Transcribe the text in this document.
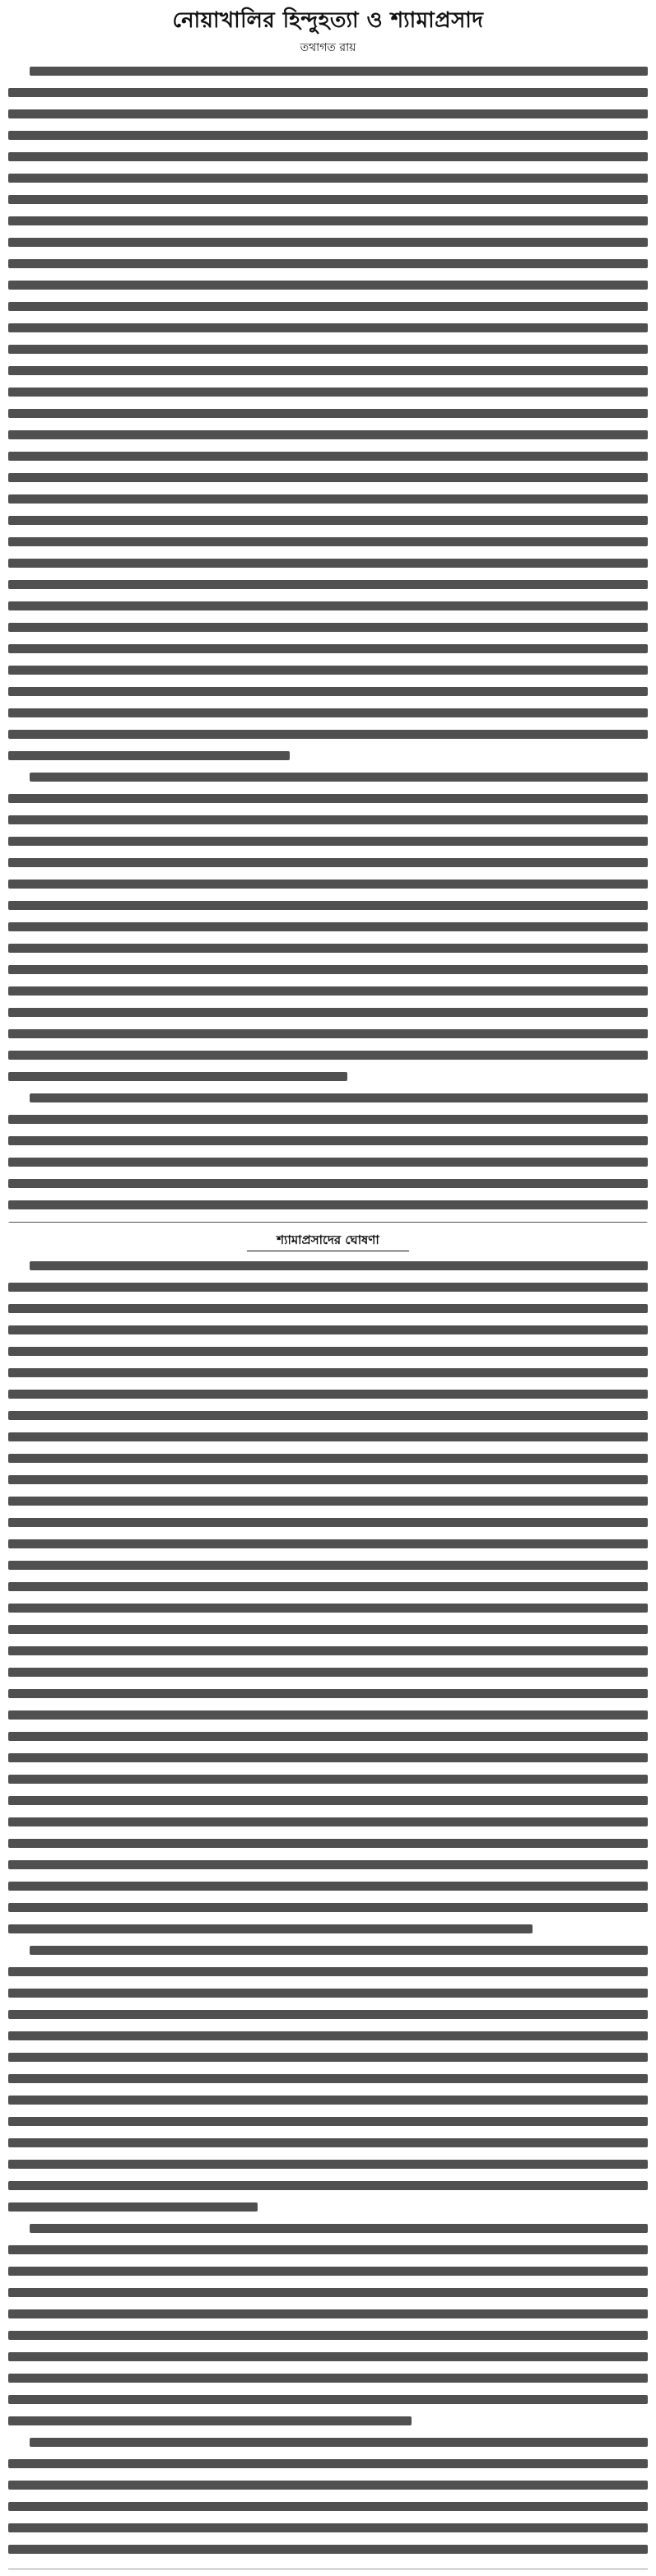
নোয়াখালির হিন্দুহত্যা ও শ্যামাপ্রসাদ
তথাগত রায়
শ্যামাপ্রসাদের ঘোষণা
